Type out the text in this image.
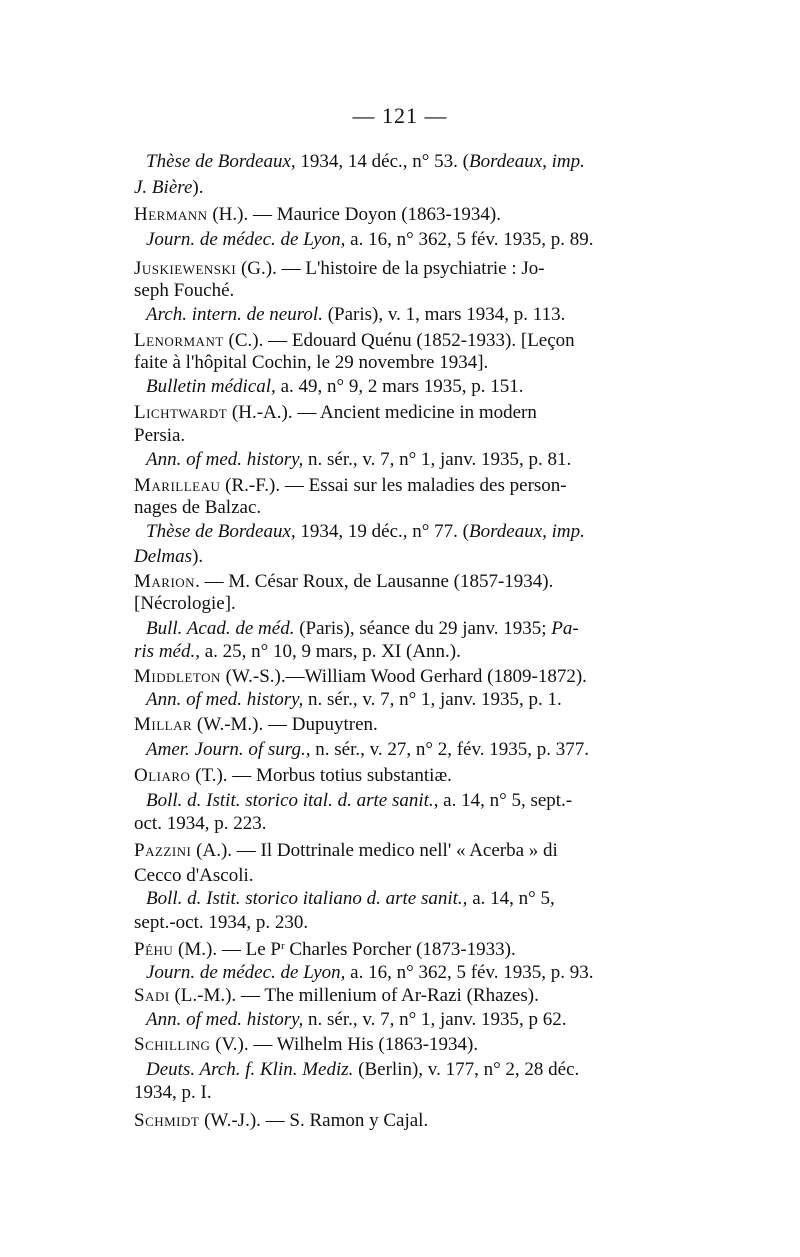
— 121 —
Thèse de Bordeaux, 1934, 14 déc., n° 53. (Bordeaux, imp.
J. Bière).
Hermann (H.). — Maurice Doyon (1863-1934).
Journ. de médec. de Lyon, a. 16, n° 362, 5 fév. 1935, p. 89.
Juskiewenski (G.). — L'histoire de la psychiatrie : Jo-
seph Fouché.
Arch. intern. de neurol. (Paris), v. 1, mars 1934, p. 113.
Lenormant (C.). — Edouard Quénu (1852-1933). [Leçon
faite à l'hôpital Cochin, le 29 novembre 1934].
Bulletin médical, a. 49, n° 9, 2 mars 1935, p. 151.
Lichtwardt (H.-A.). — Ancient medicine in modern
Persia.
Ann. of med. history, n. sér., v. 7, n° 1, janv. 1935, p. 81.
Marilleau (R.-F.). — Essai sur les maladies des person-
nages de Balzac.
Thèse de Bordeaux, 1934, 19 déc., n° 77. (Bordeaux, imp.
Delmas).
Marion. — M. César Roux, de Lausanne (1857-1934).
[Nécrologie].
Bull. Acad. de méd. (Paris), séance du 29 janv. 1935; Pa-
ris méd., a. 25, n° 10, 9 mars, p. XI (Ann.).
Middleton (W.-S.).—William Wood Gerhard (1809-1872).
Ann. of med. history, n. sér., v. 7, n° 1, janv. 1935, p. 1.
Millar (W.-M.). — Dupuytren.
Amer. Journ. of surg., n. sér., v. 27, n° 2, fév. 1935, p. 377.
Oliaro (T.). — Morbus totius substantiæ.
Boll. d. Istit. storico ital. d. arte sanit., a. 14, n° 5, sept.-
oct. 1934, p. 223.
Pazzini (A.). — Il Dottrinale medico nell' « Acerba » di
Cecco d'Ascoli.
Boll. d. Istit. storico italiano d. arte sanit., a. 14, n° 5,
sept.-oct. 1934, p. 230.
Péhu (M.). — Le $P^r$ Charles Porcher (1873-1933).
Journ. de médec. de Lyon, a. 16, n° 362, 5 fév. 1935, p. 93.
Sadi (L.-M.). — The millenium of Ar-Razi (Rhazes).
Ann. of med. history, n. sér., v. 7, n° 1, janv. 1935, p 62.
Schilling (V.). — Wilhelm His (1863-1934).
Deuts. Arch. f. Klin. Mediz. (Berlin), v. 177, n° 2, 28 déc.
1934, p. I.
Schmidt (W.-J.). — S. Ramon y Cajal.
